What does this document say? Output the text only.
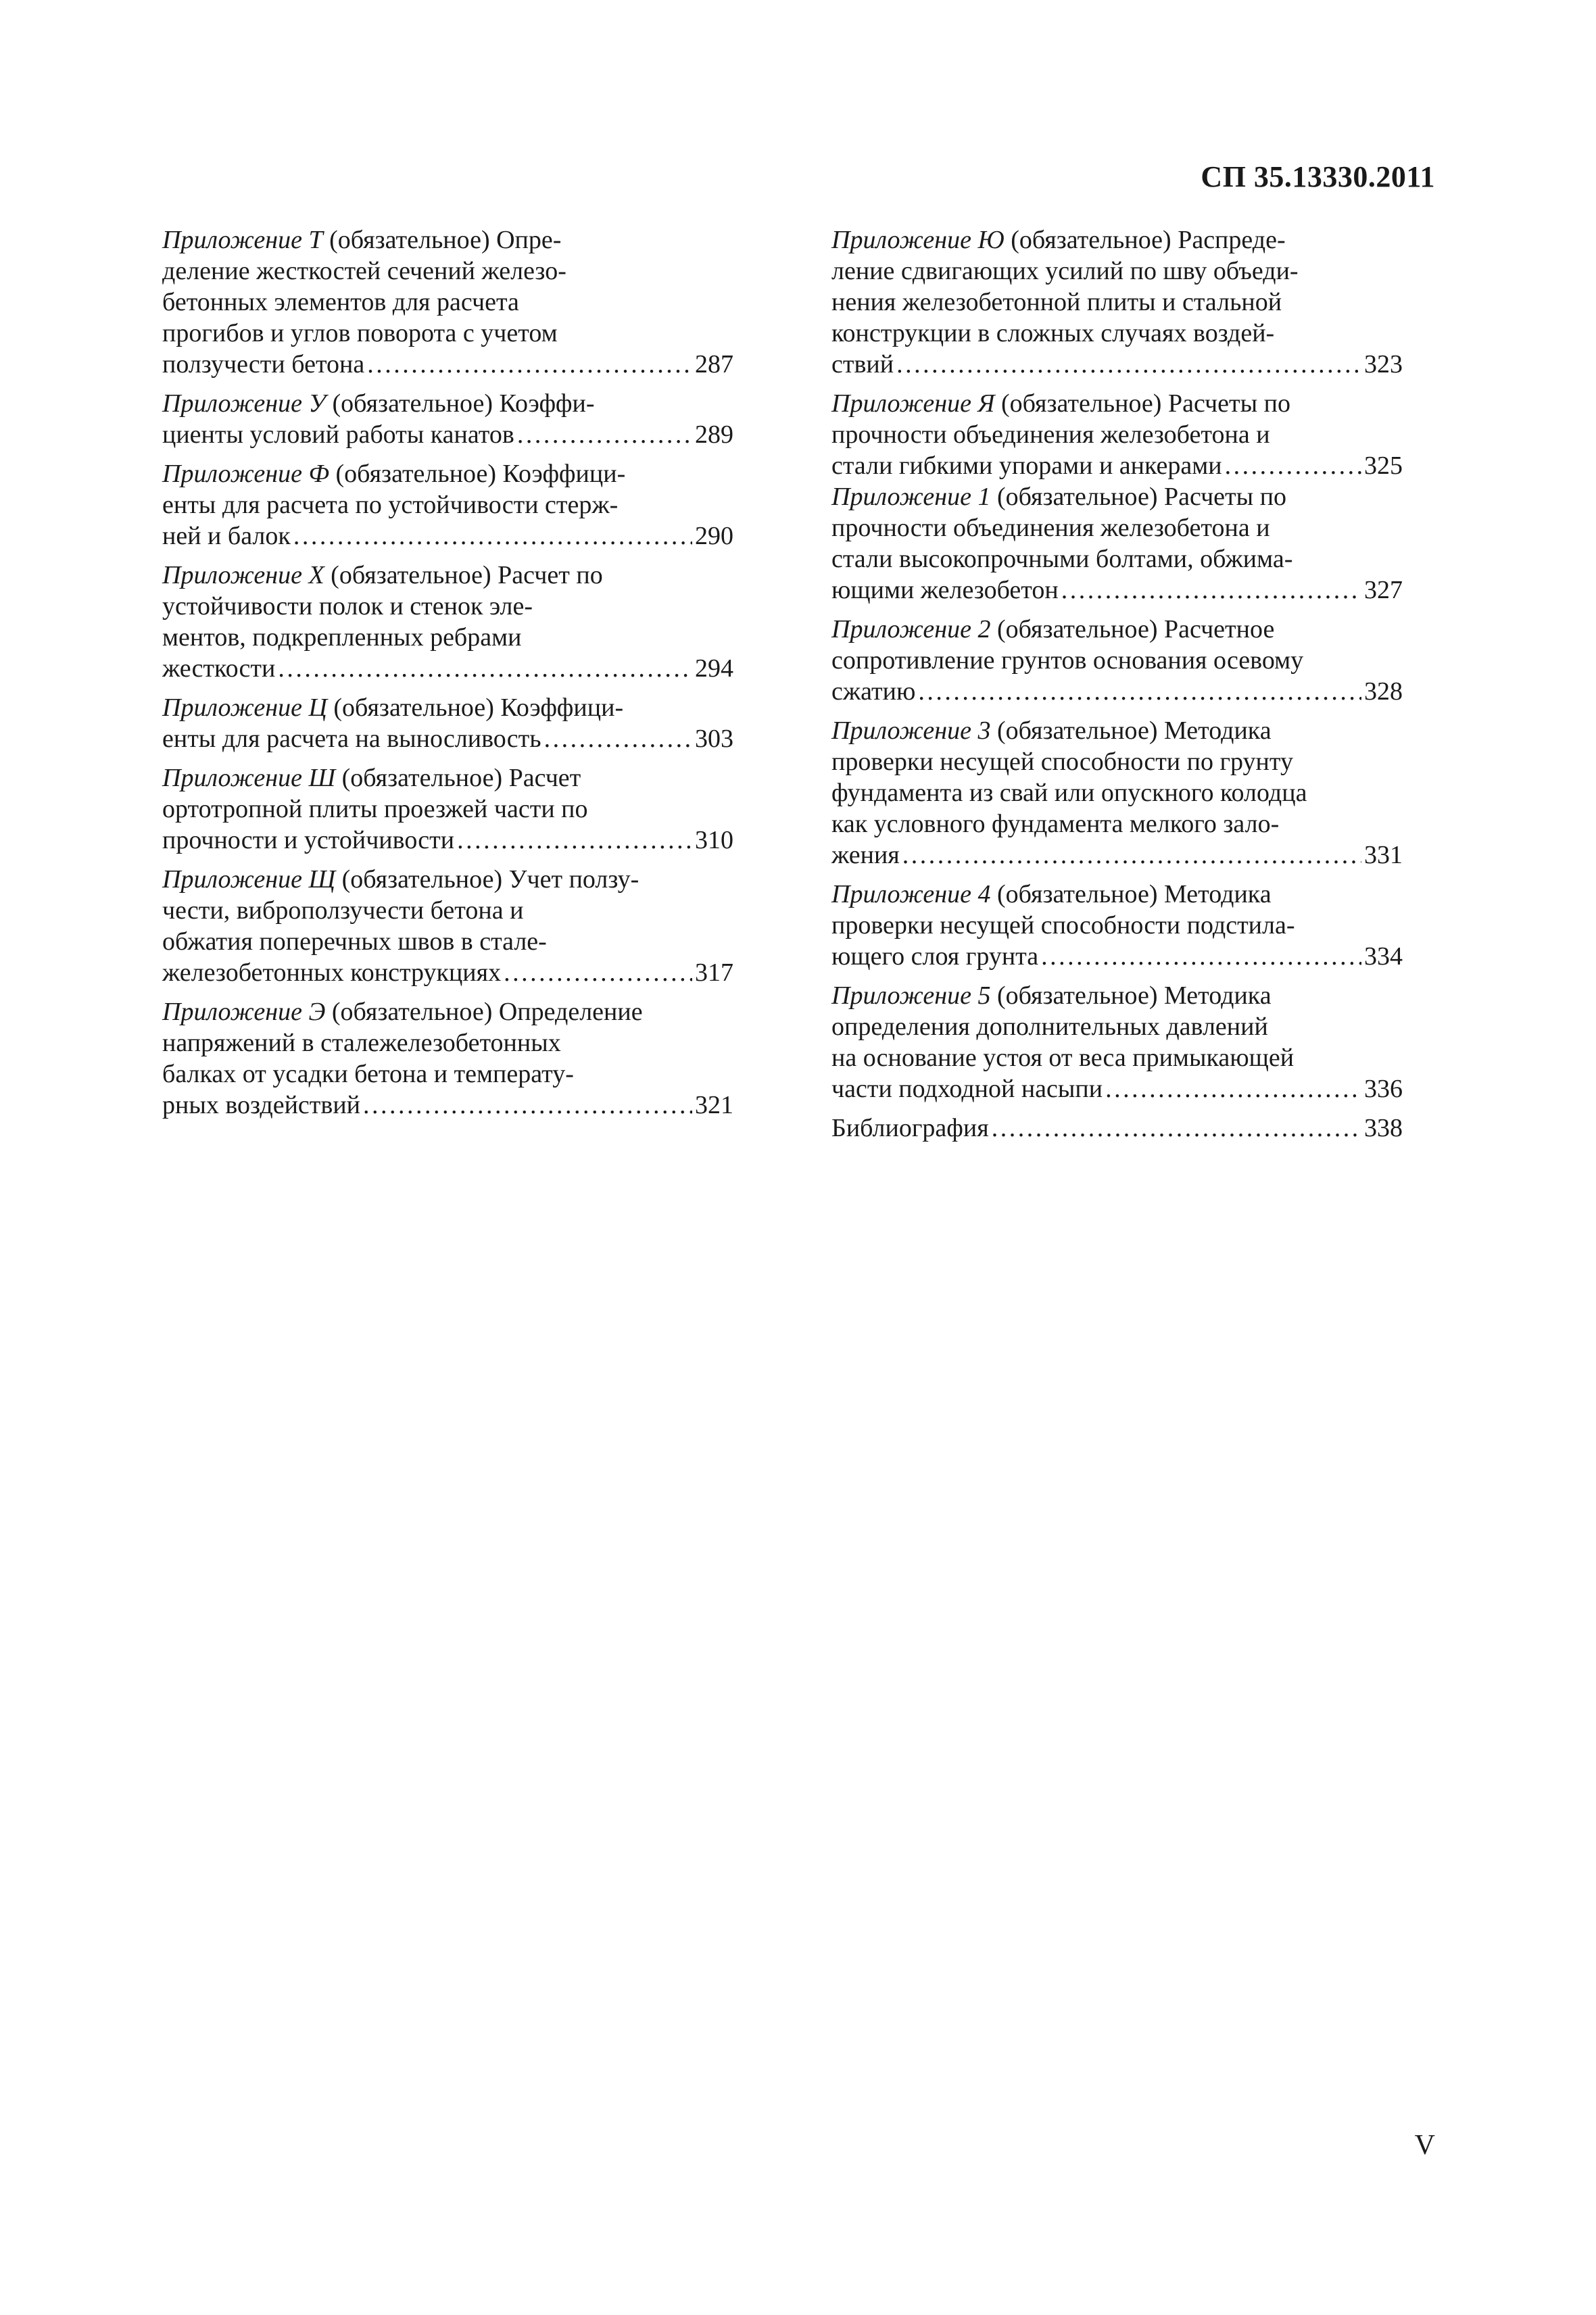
СП 35.13330.2011
Приложение Т (обязательное) Опре-
деление жесткостей сечений железо-
бетонных элементов для расчета
прогибов и углов поворота с учетом
ползучести бетона . . .	287
Приложение У (обязательное) Коэффи-
циенты условий работы канатов . . .	289
Приложение Ф (обязательное) Коэффици-
енты для расчета по устойчивости стерж-
ней и балок . . .	290
Приложение Х (обязательное) Расчет по
устойчивости полок и стенок эле-
ментов, подкрепленных ребрами
жесткости . . .	294
Приложение Ц (обязательное) Коэффици-
енты для расчета на выносливость . . .	303
Приложение Ш (обязательное) Расчет
ортотропной плиты проезжей части по
прочности и устойчивости . . .	310
Приложение Щ (обязательное) Учет ползу-
чести, виброползучести бетона и
обжатия поперечных швов в стале-
железобетонных конструкциях . . .	317
Приложение Э (обязательное) Определение
напряжений в сталежелезобетонных
балках от усадки бетона и температу-
рных воздействий . . .	321
Приложение Ю (обязательное) Распреде-
ление сдвигающих усилий по шву объеди-
нения железобетонной плиты и стальной
конструкции в сложных случаях воздей-
ствий . . .	323
Приложение Я (обязательное) Расчеты по
прочности объединения железобетона и
стали гибкими упорами и анкерами . . .	325
Приложение 1 (обязательное) Расчеты по
прочности объединения железобетона и
стали высокопрочными болтами, обжима-
ющими железобетон . . .	327
Приложение 2 (обязательное) Расчетное
сопротивление грунтов основания осевому
сжатию . . .	328
Приложение 3 (обязательное) Методика
проверки несущей способности по грунту
фундамента из свай или опускного колодца
как условного фундамента мелкого зало-
жения . . .	331
Приложение 4 (обязательное) Методика
проверки несущей способности подстила-
ющего слоя грунта . . .	334
Приложение 5 (обязательное) Методика
определения дополнительных давлений
на основание устоя от веса примыкающей
части подходной насыпи . . .	336
Библиография . . .	338
V
